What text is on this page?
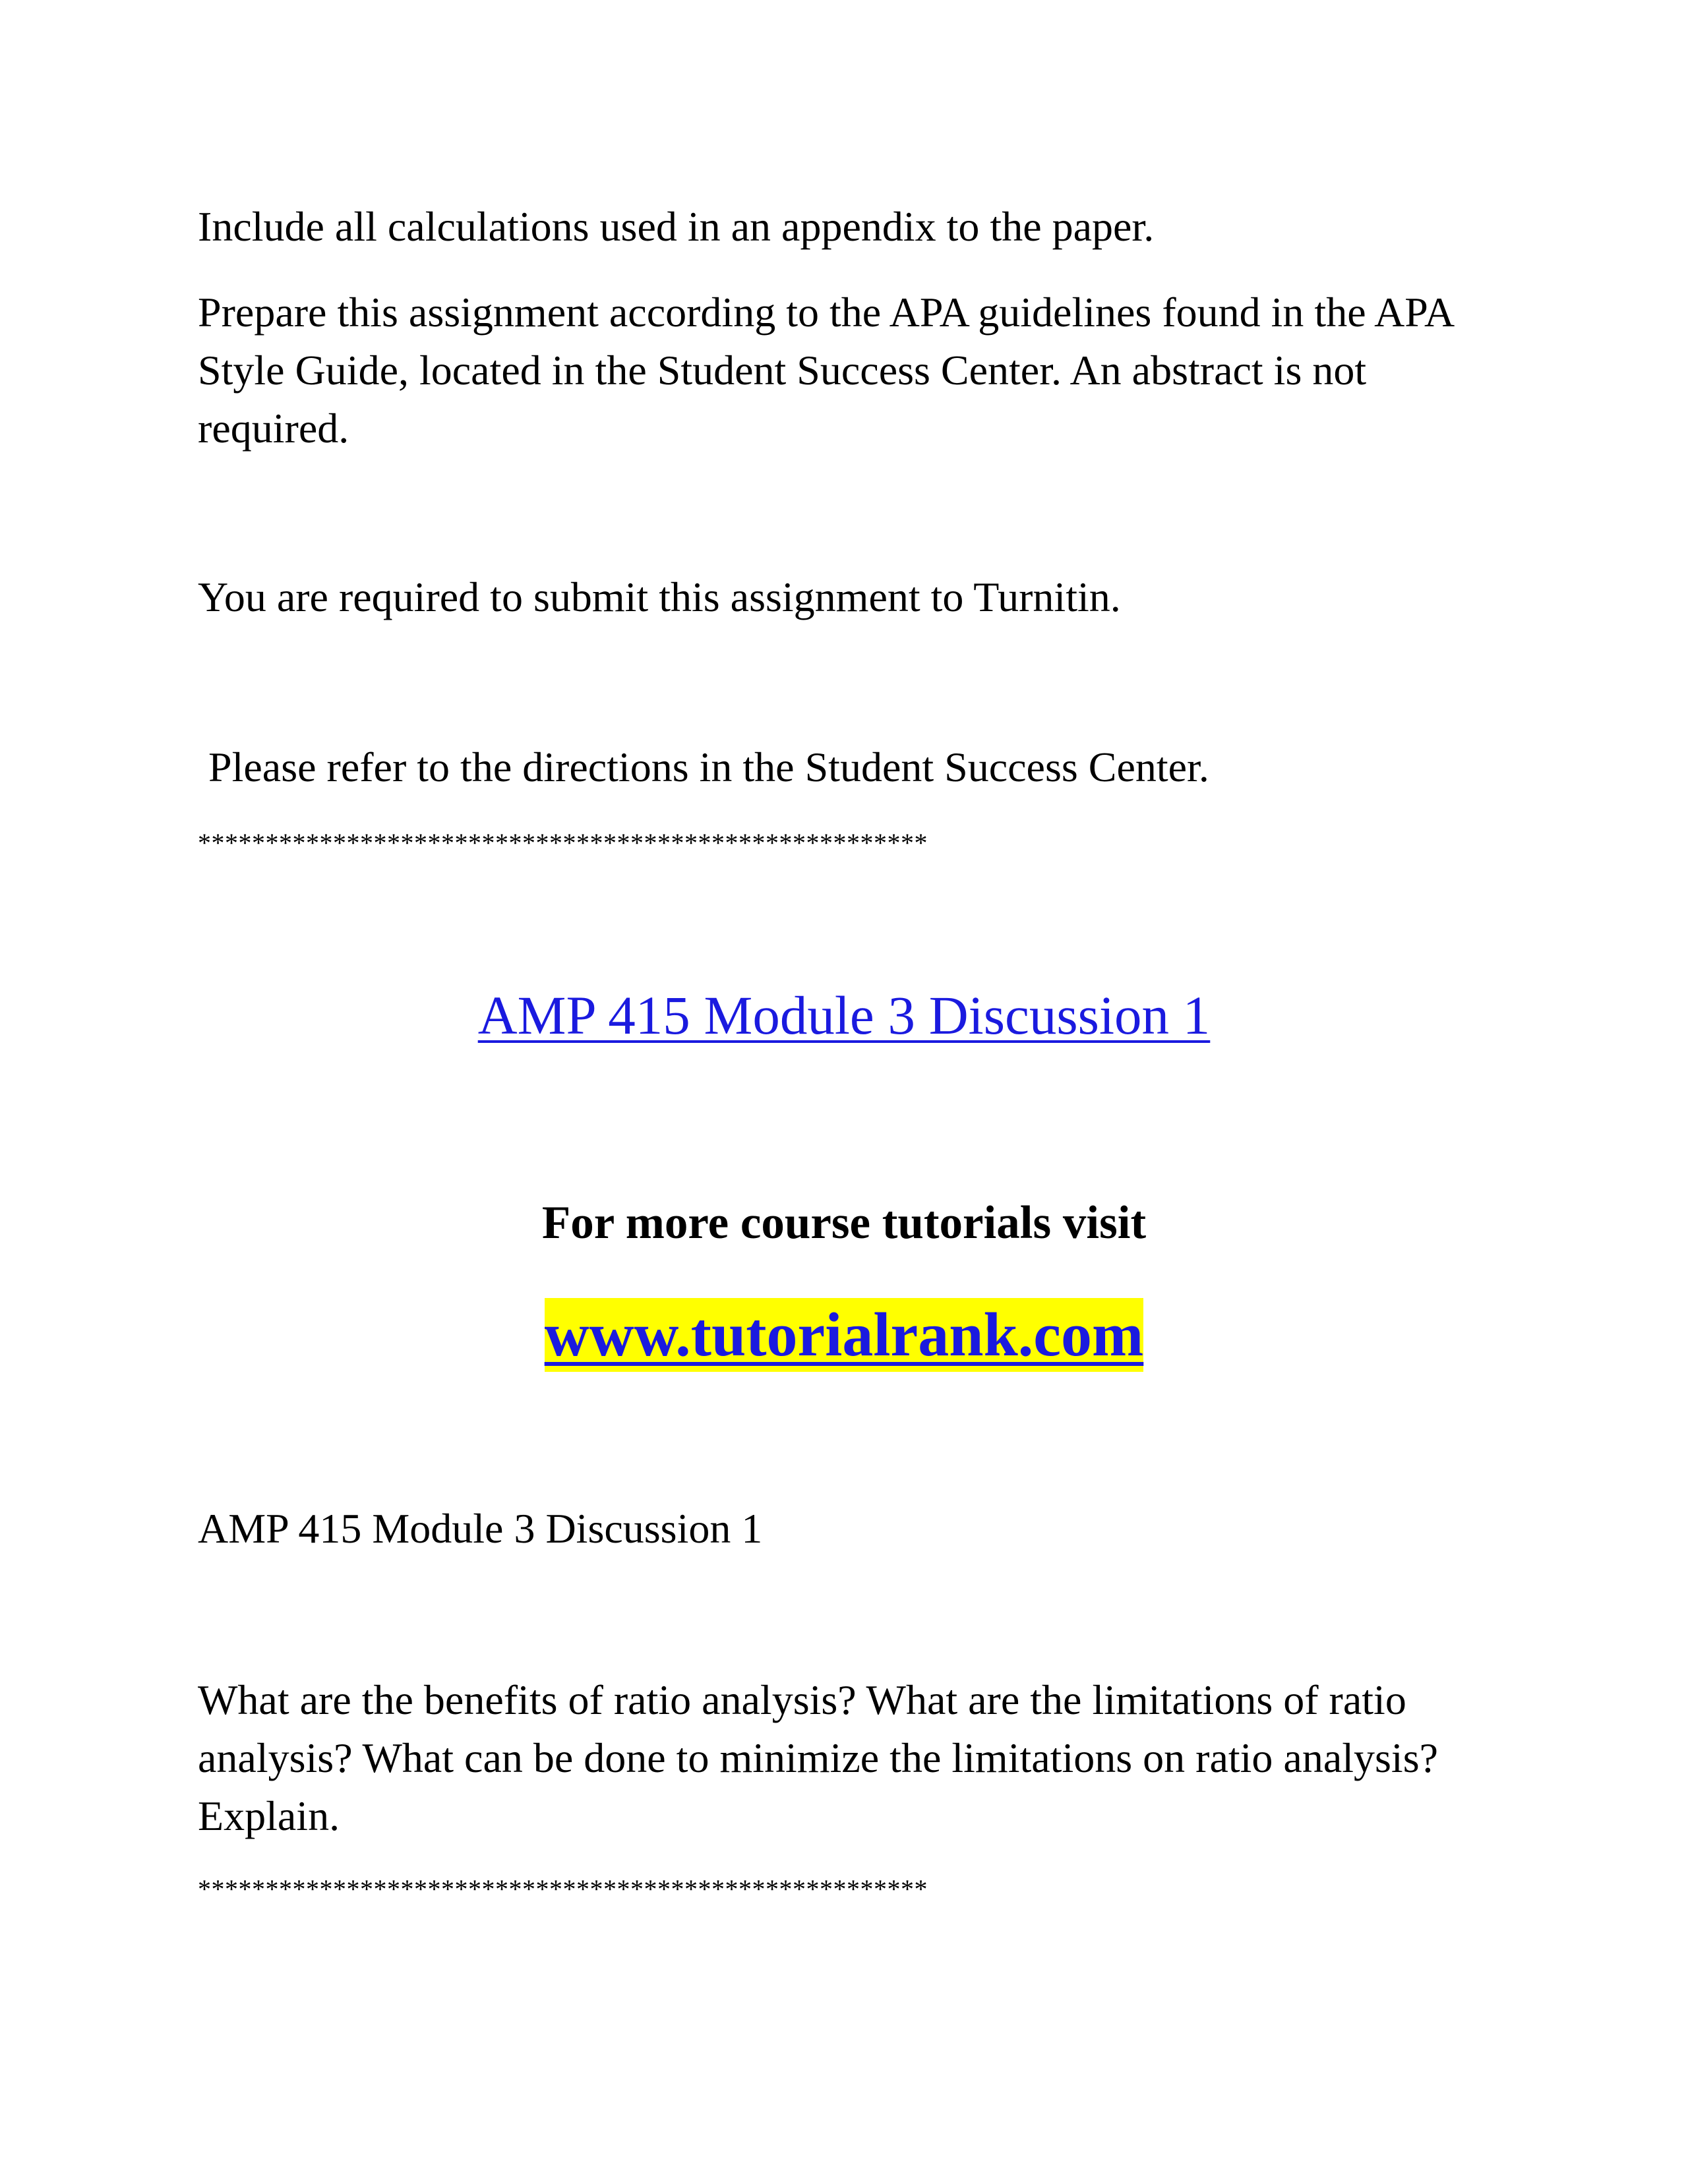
Include all calculations used in an appendix to the paper.

Prepare this assignment according to the APA guidelines found in the APA Style Guide, located in the Student Success Center. An abstract is not required.

You are required to submit this assignment to Turnitin.

Please refer to the directions in the Student Success Center.

******************************************************

AMP 415 Module 3 Discussion 1
For more course tutorials visit
www.tutorialrank.com

AMP 415 Module 3 Discussion 1

What are the benefits of ratio analysis? What are the limitations of ratio analysis? What can be done to minimize the limitations on ratio analysis? Explain.

******************************************************
